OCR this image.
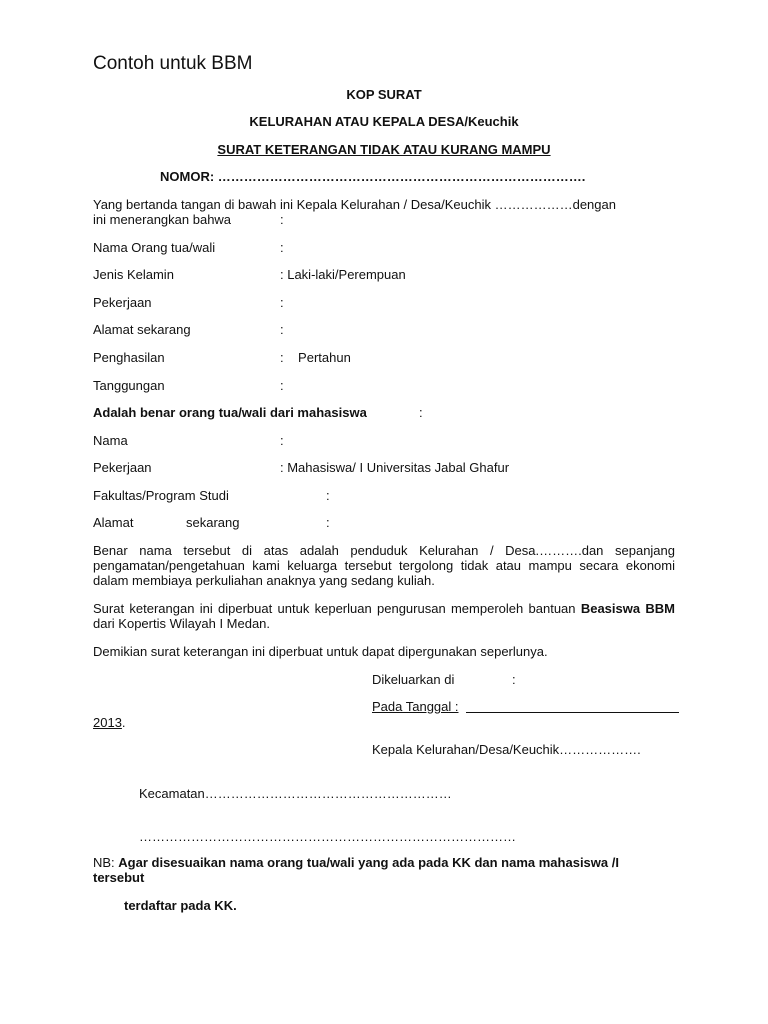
Contoh untuk BBM
KOP SURAT
KELURAHAN ATAU KEPALA DESA/Keuchik
SURAT KETERANGAN TIDAK ATAU KURANG MAMPU
NOMOR: ………………………………………………………………………….
Yang bertanda tangan di bawah ini Kepala Kelurahan / Desa/Keuchik ………………dengan
ini menerangkan bahwa	:
Nama Orang tua/wali	:
Jenis Kelamin	: Laki-laki/Perempuan
Pekerjaan	:
Alamat sekarang	:
Penghasilan	:    Pertahun
Tanggungan	:
Adalah benar orang tua/wali dari mahasiswa	:
Nama	:
Pekerjaan	: Mahasiswa/ I Universitas Jabal Ghafur
Fakultas/Program Studi	:
Alamat	sekarang	:
Benar nama tersebut di atas adalah penduduk Kelurahan / Desa.……….dan sepanjang pengamatan/pengetahuan kami keluarga tersebut tergolong tidak atau mampu secara ekonomi dalam membiaya perkuliahan anaknya yang sedang kuliah.
Surat keterangan ini diperbuat untuk keperluan pengurusan memperoleh bantuan Beasiswa BBM dari Kopertis Wilayah I Medan.
Demikian surat keterangan ini diperbuat untuk dapat dipergunakan seperlunya.
Dikeluarkan di	:
Pada Tanggal :
2013.
Kepala Kelurahan/Desa/Keuchik……………….
Kecamatan…………………………………………………
……………………………………………………………………………
NB: Agar disesuaikan nama orang tua/wali yang ada pada KK dan nama mahasiswa /I
tersebut
terdaftar pada KK.
